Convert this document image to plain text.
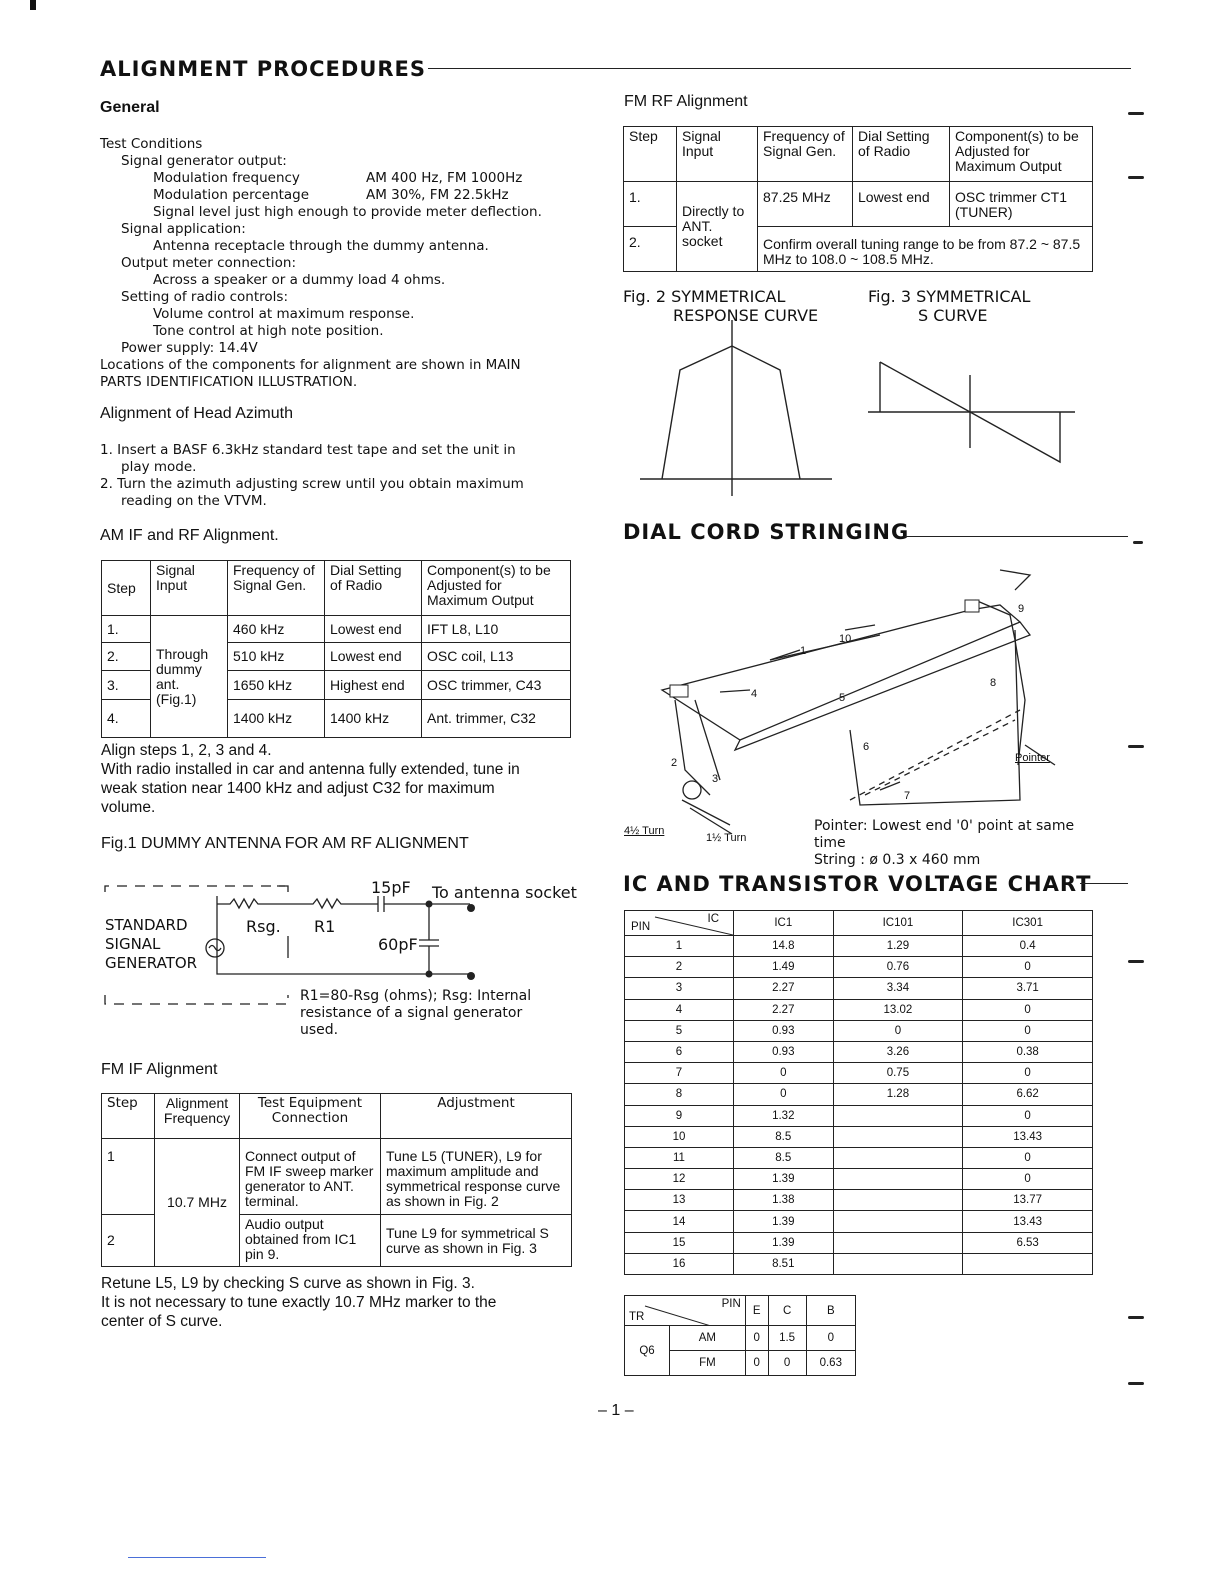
ALIGNMENT PROCEDURES
General
Test Conditions
Signal generator output:
Modulation frequency	AM 400 Hz, FM 1000Hz
Modulation percentage	AM 30%, FM 22.5kHz
Signal level just high enough to provide meter deflection.
Signal application:
Antenna receptacle through the dummy antenna.
Output meter connection:
Across a speaker or a dummy load 4 ohms.
Setting of radio controls:
Volume control at maximum response.
Tone control at high note position.
Power supply: 14.4V
Locations of the components for alignment are shown in MAIN
PARTS IDENTIFICATION ILLUSTRATION.
Alignment of Head Azimuth
1. Insert a BASF 6.3kHz standard test tape and set the unit in
play mode.
2. Turn the azimuth adjusting screw until you obtain maximum
reading on the VTVM.
AM IF and RF Alignment.
Step	Signal Input	Frequency of Signal Gen.	Dial Setting of Radio	Component(s) to be Adjusted for Maximum Output
1.	Through dummy ant. (Fig.1)	460 kHz	Lowest end	IFT L8, L10
2.		510 kHz	Lowest end	OSC coil, L13
3.		1650 kHz	Highest end	OSC trimmer, C43
4.		1400 kHz	1400 kHz	Ant. trimmer, C32
Align steps 1, 2, 3 and 4.
With radio installed in car and antenna fully extended, tune in
weak station near 1400 kHz and adjust C32 for maximum
volume.
Fig.1 DUMMY ANTENNA FOR AM RF ALIGNMENT
15pF To antenna socket
Rsg. R1
60pF
STANDARD
SIGNAL
GENERATOR
R1=80-Rsg (ohms); Rsg: Internal
resistance of a signal generator
used.
FM IF Alignment
Step	Alignment Frequency	Test Equipment Connection	Adjustment
1	10.7 MHz	Connect output of FM IF sweep marker generator to ANT. terminal.	Tune L5 (TUNER), L9 for maximum amplitude and symmetrical response curve as shown in Fig. 2
2		Audio output obtained from IC1 pin 9.	Tune L9 for symmetrical S curve as shown in Fig. 3
Retune L5, L9 by checking S curve as shown in Fig. 3.
It is not necessary to tune exactly 10.7 MHz marker to the
center of S curve.
FM RF Alignment
Step	Signal Input	Frequency of Signal Gen.	Dial Setting of Radio	Component(s) to be Adjusted for Maximum Output
1.	Directly to ANT. socket	87.25 MHz	Lowest end	OSC trimmer CT1 (TUNER)
2.		Confirm overall tuning range to be from 87.2 ~ 87.5 MHz to 108.0 ~ 108.5 MHz.		
Fig. 2 SYMMETRICAL
RESPONSE CURVE
Fig. 3 SYMMETRICAL
S CURVE
DIAL CORD STRINGING
1
2
3
4	5
6
7
8
9
10
Pointer
4½ Turn
1½ Turn
Pointer: Lowest end '0' point at same
time
String : ø 0.3 x 460 mm
IC AND TRANSISTOR VOLTAGE CHART
PIN
IC	IC1	IC101	IC301
1	14.8	1.29	0.4
2	1.49	0.76	0
3	2.27	3.34	3.71
4	2.27	13.02	0
5	0.93	0	0
6	0.93	3.26	0.38
7	0	0.75	0
8	0	1.28	6.62
9	1.32		0
10	8.5		13.43
11	8.5		0
12	1.39		0
13	1.38		13.77
14	1.39		13.43
15	1.39		6.53
16	8.51		
TR
PIN		E	C	B
Q6	AM	0	1.5	0
	FM	0	0	0.63
– 1 –
